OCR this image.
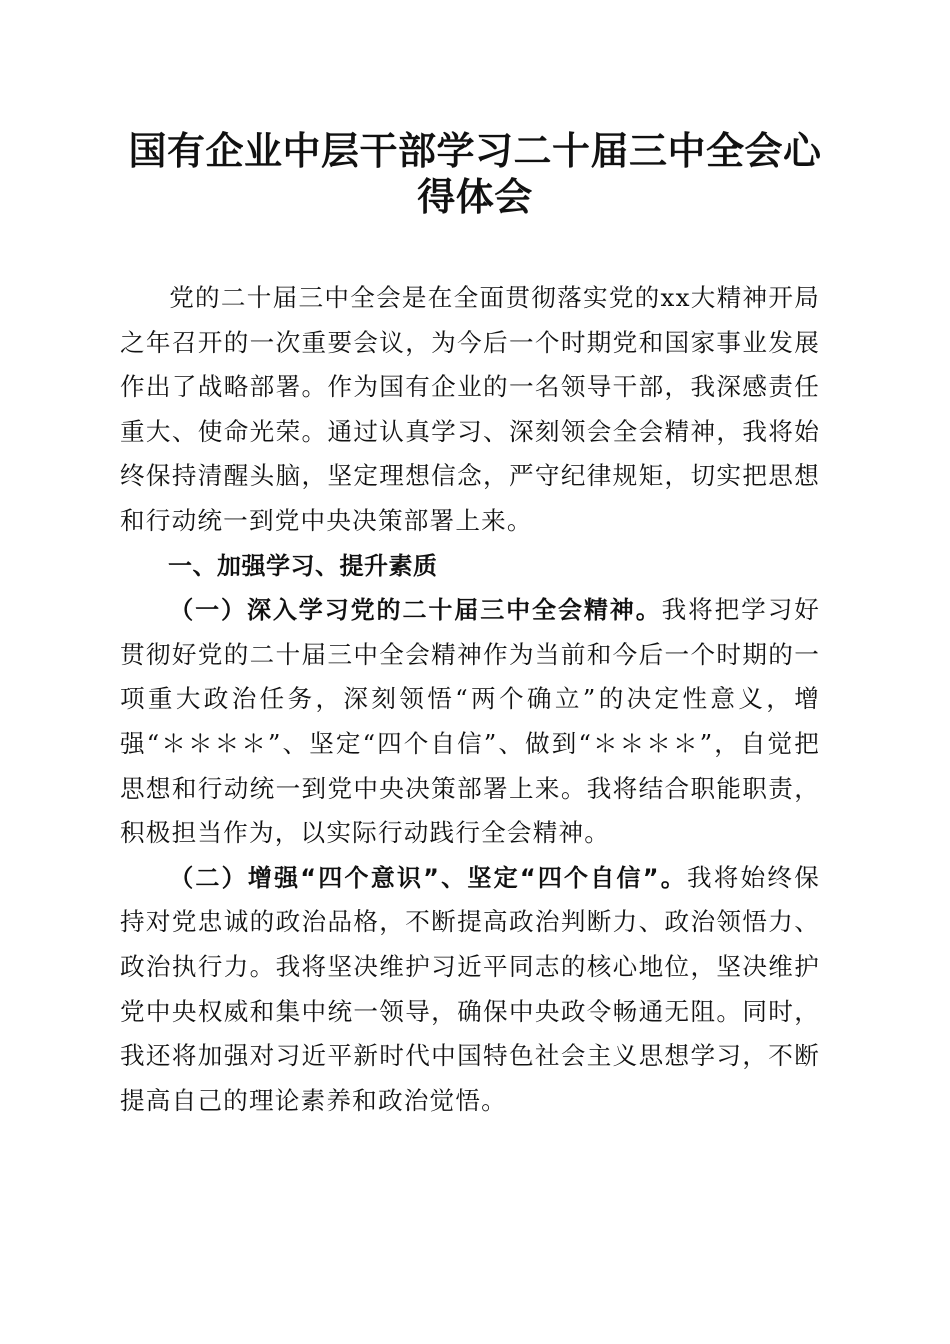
国有企业中层干部学习二十届三中全会心得体会

党的二十届三中全会是在全面贯彻落实党的xx大精神开局之年召开的一次重要会议，为今后一个时期党和国家事业发展作出了战略部署。作为国有企业的一名领导干部，我深感责任重大、使命光荣。通过认真学习、深刻领会全会精神，我将始终保持清醒头脑，坚定理想信念，严守纪律规矩，切实把思想和行动统一到党中央决策部署上来。

一、加强学习、提升素质

（一）深入学习党的二十届三中全会精神。我将把学习好贯彻好党的二十届三中全会精神作为当前和今后一个时期的一项重大政治任务，深刻领悟“两个确立”的决定性意义，增强“＊＊＊＊”、坚定“四个自信”、做到“＊＊＊＊”，自觉把思想和行动统一到党中央决策部署上来。我将结合职能职责，积极担当作为，以实际行动践行全会精神。

（二）增强“四个意识”、坚定“四个自信”。我将始终保持对党忠诚的政治品格，不断提高政治判断力、政治领悟力、政治执行力。我将坚决维护习近平同志的核心地位，坚决维护党中央权威和集中统一领导，确保中央政令畅通无阻。同时，我还将加强对习近平新时代中国特色社会主义思想学习，不断提高自己的理论素养和政治觉悟。
